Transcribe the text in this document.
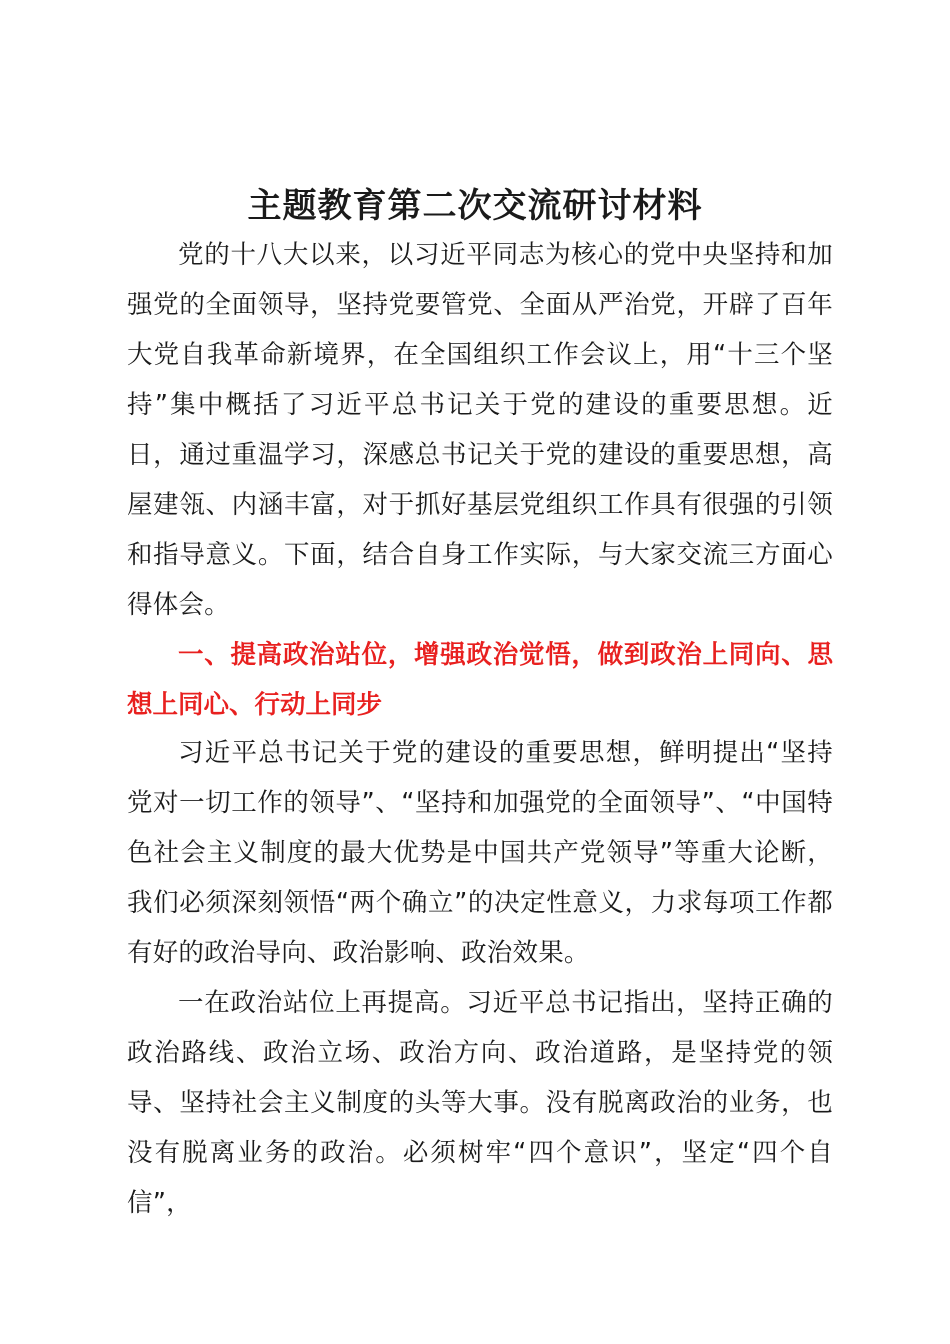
主题教育第二次交流研讨材料

党的十八大以来，以习近平同志为核心的党中央坚持和加强党的全面领导，坚持党要管党、全面从严治党，开辟了百年大党自我革命新境界，在全国组织工作会议上，用“十三个坚持”集中概括了习近平总书记关于党的建设的重要思想。近日，通过重温学习，深感总书记关于党的建设的重要思想，高屋建瓴、内涵丰富，对于抓好基层党组织工作具有很强的引领和指导意义。下面，结合自身工作实际，与大家交流三方面心得体会。

一、提高政治站位，增强政治觉悟，做到政治上同向、思想上同心、行动上同步

习近平总书记关于党的建设的重要思想，鲜明提出“坚持党对一切工作的领导”、“坚持和加强党的全面领导”、“中国特色社会主义制度的最大优势是中国共产党领导”等重大论断，我们必须深刻领悟“两个确立”的决定性意义，力求每项工作都有好的政治导向、政治影响、政治效果。

一在政治站位上再提高。习近平总书记指出，坚持正确的政治路线、政治立场、政治方向、政治道路，是坚持党的领导、坚持社会主义制度的头等大事。没有脱离政治的业务，也没有脱离业务的政治。必须树牢“四个意识”，坚定“四个自信”，
